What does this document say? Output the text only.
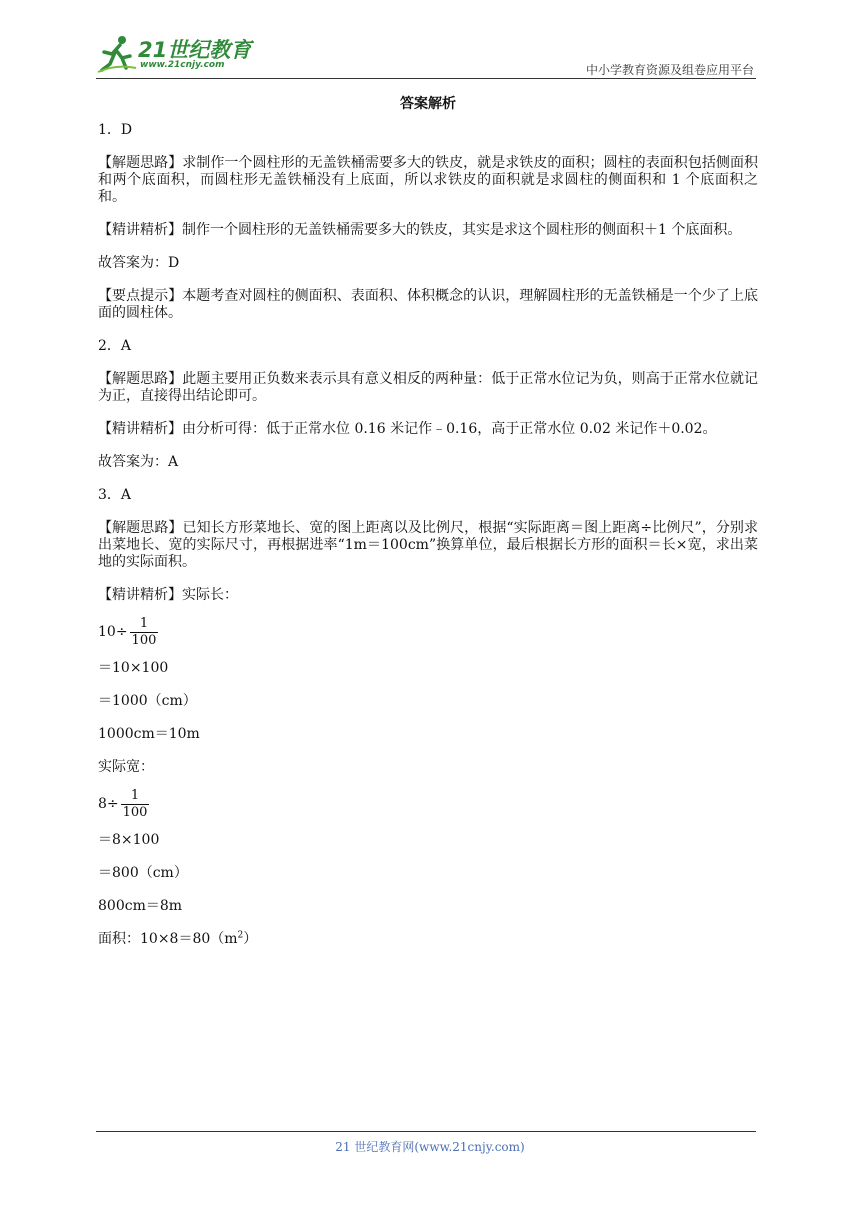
21世纪教育
www.21cnjy.com	中小学教育资源及组卷应用平台
答案解析
1．D
【解题思路】求制作一个圆柱形的无盖铁桶需要多大的铁皮，就是求铁皮的面积；圆柱的表面积包括侧面积和两个底面积，而圆柱形无盖铁桶没有上底面，所以求铁皮的面积就是求圆柱的侧面积和 1 个底面积之和。
【精讲精析】制作一个圆柱形的无盖铁桶需要多大的铁皮，其实是求这个圆柱形的侧面积＋1 个底面积。
故答案为：D
【要点提示】本题考查对圆柱的侧面积、表面积、体积概念的认识，理解圆柱形的无盖铁桶是一个少了上底面的圆柱体。
2．A
【解题思路】此题主要用正负数来表示具有意义相反的两种量：低于正常水位记为负，则高于正常水位就记为正，直接得出结论即可。
【精讲精析】由分析可得：低于正常水位 0.16 米记作﹣0.16，高于正常水位 0.02 米记作＋0.02。
故答案为：A
3．A
【解题思路】已知长方形菜地长、宽的图上距离以及比例尺，根据“实际距离＝图上距离÷比例尺”，分别求出菜地长、宽的实际尺寸，再根据进率“1m＝100cm”换算单位，最后根据长方形的面积＝长×宽，求出菜地的实际面积。
【精讲精析】实际长：
$10\div \frac{1}{100}$
＝10×100
＝1000（cm）
1000cm＝10m
实际宽：
$8\div \frac{1}{100}$
＝8×100
＝800（cm）
800cm＝8m
面积：$10\times 8=80(m^2)$
21 世纪教育网(www.21cnjy.com)
